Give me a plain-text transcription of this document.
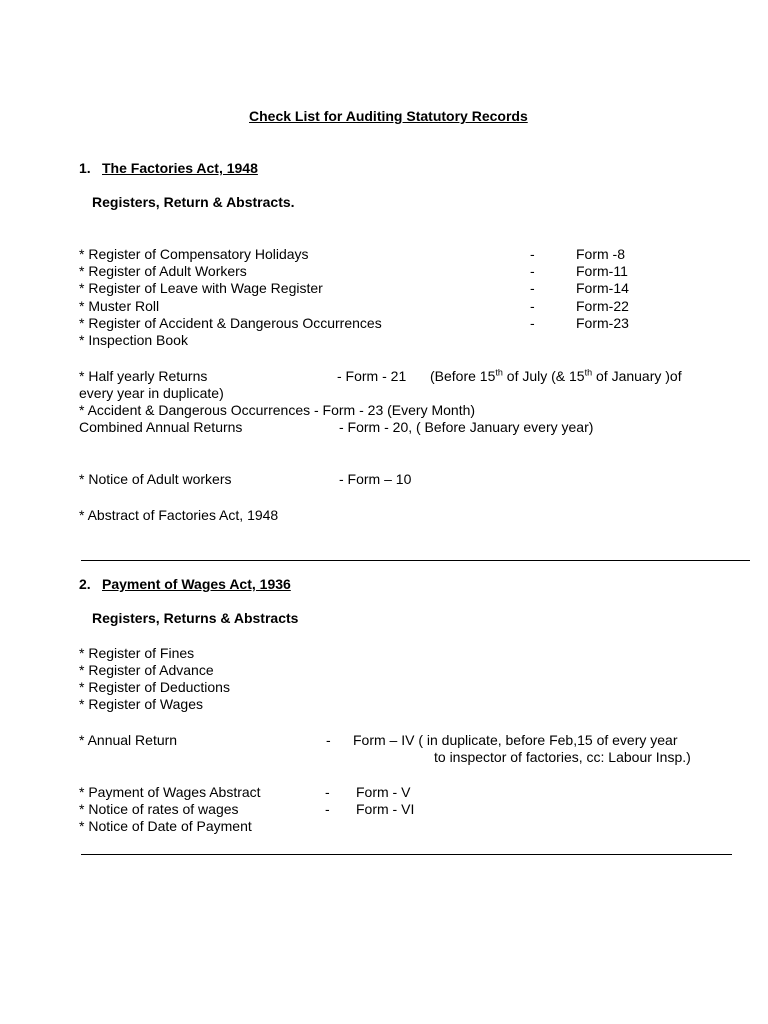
Check List for Auditing Statutory Records
1. The Factories Act, 1948
Registers, Return & Abstracts.
* Register of Compensatory Holidays	-	Form -8
* Register of Adult Workers	-	Form-11
* Register of Leave with Wage Register	-	Form-14
* Muster Roll	-	Form-22
* Register of Accident & Dangerous Occurrences	-	Form-23
* Inspection Book
* Half yearly Returns	- Form - 21 (Before 15th of July (& 15th of January )of
every year in duplicate)
* Accident & Dangerous Occurrences - Form - 23 (Every Month)
Combined Annual Returns	- Form - 20, ( Before January every year)
* Notice of Adult workers	- Form – 10
* Abstract of Factories Act, 1948
2. Payment of Wages Act, 1936
Registers, Returns & Abstracts
* Register of Fines
* Register of Advance
* Register of Deductions
* Register of Wages
* Annual Return	- Form – IV ( in duplicate, before Feb,15 of every year
to inspector of factories, cc: Labour Insp.)
* Payment of Wages Abstract	- Form - V
* Notice of rates of wages	- Form - VI
* Notice of Date of Payment
